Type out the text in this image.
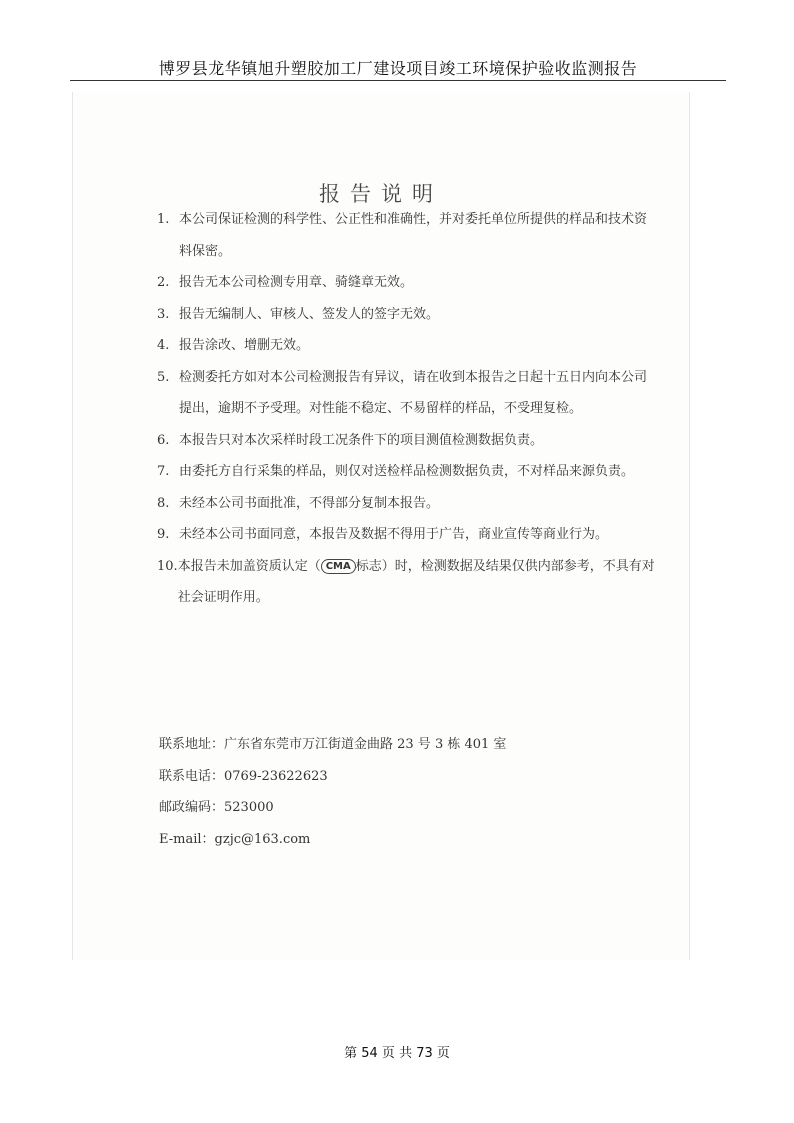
博罗县龙华镇旭升塑胶加工厂建设项目竣工环境保护验收监测报告
报告说明
1. 本公司保证检测的科学性、公正性和准确性，并对委托单位所提供的样品和技术资料保密。
2. 报告无本公司检测专用章、骑缝章无效。
3. 报告无编制人、审核人、签发人的签字无效。
4. 报告涂改、增删无效。
5. 检测委托方如对本公司检测报告有异议，请在收到本报告之日起十五日内向本公司提出，逾期不予受理。对性能不稳定、不易留样的样品，不受理复检。
6. 本报告只对本次采样时段工况条件下的项目测值检测数据负责。
7. 由委托方自行采集的样品，则仅对送检样品检测数据负责，不对样品来源负责。
8. 未经本公司书面批准，不得部分复制本报告。
9. 未经本公司书面同意，本报告及数据不得用于广告，商业宣传等商业行为。
10. 本报告未加盖资质认定（ CMA 标志）时，检测数据及结果仅供内部参考，不具有对社会证明作用。
联系地址：广东省东莞市万江街道金曲路 23 号 3 栋 401 室
联系电话：0769-23622623
邮政编码：523000
E-mail：gzjc@163.com
第 54 页 共 73 页
